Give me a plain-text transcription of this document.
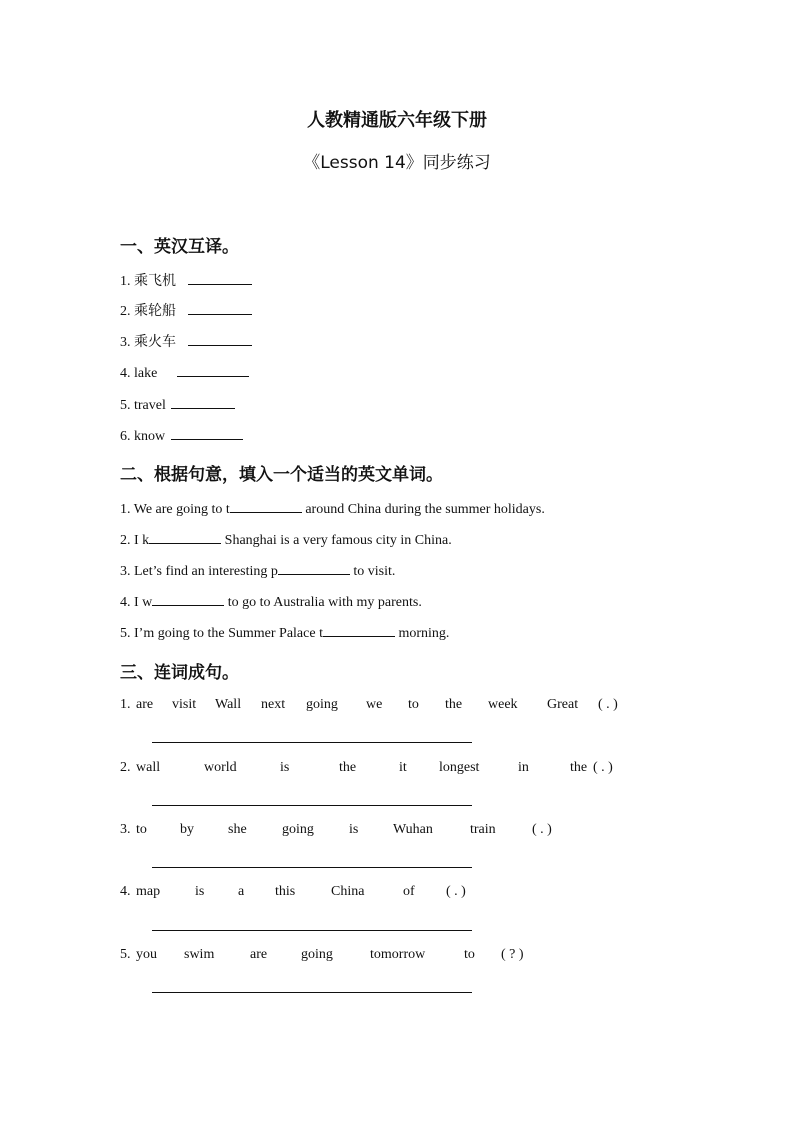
人教精通版六年级下册
《Lesson 14》同步练习
一、英汉互译。
1. 乘飞机
2. 乘轮船
3. 乘火车
4. lake
5. travel
6. know
二、根据句意，填入一个适当的英文单词。
1. We are going to t	around China during the summer holidays.
2. I k	Shanghai is a very famous city in China.
3. Let’s find an interesting p	to visit.
4. I w	to go to Australia with my parents.
5. I’m going to the Summer Palace t	morning.
三、连词成句。
1. are visit Wall next going we to the week Great ( . )
2. wall	world	is	the	it longest	in	the ( . )
3. to by she	going	is Wuhan	train	( . )
4. map is a this	China	of ( . )
5. you swim	are going	tomorrow	to ( ? )
